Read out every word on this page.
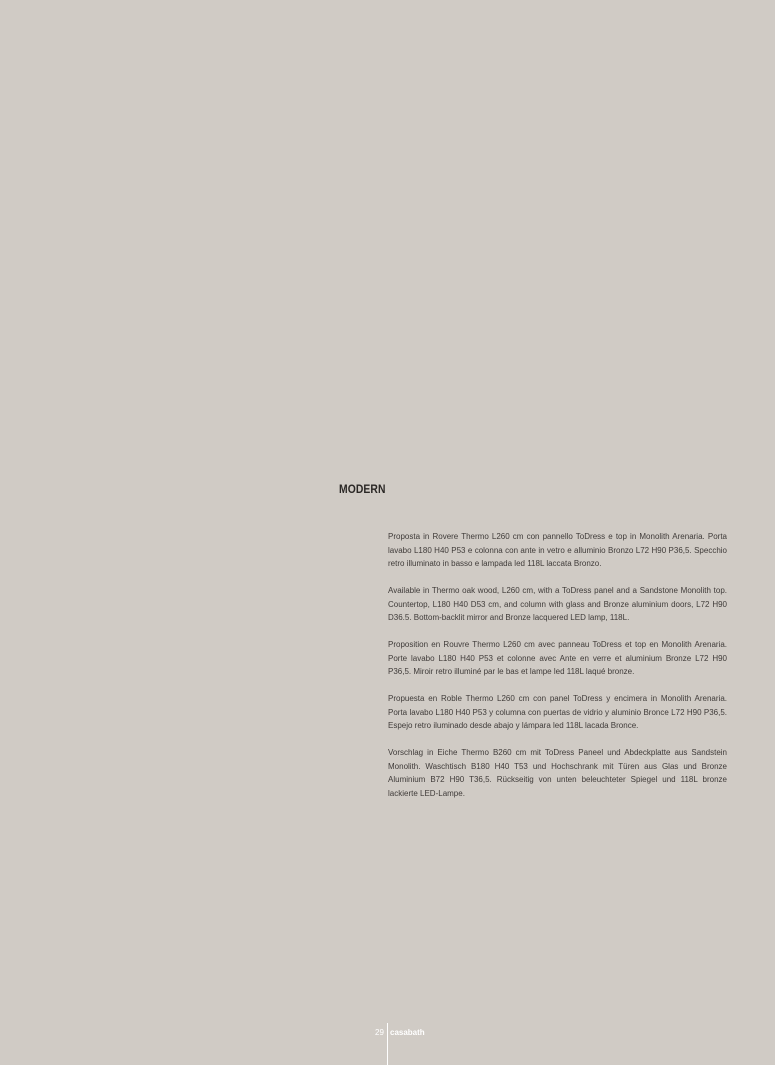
MODERN

Proposta in Rovere Thermo L260 cm con pannello ToDress e top in Monolith Arenaria. Porta lavabo L180 H40 P53 e colonna con ante in vetro e alluminio Bronzo L72 H90 P36,5. Specchio retro illuminato in basso e lampada led 118L laccata Bronzo.

Available in Thermo oak wood, L260 cm, with a ToDress panel and a Sandstone Monolith top. Countertop, L180 H40 D53 cm, and column with glass and Bronze aluminium doors, L72 H90 D36.5. Bottom-backlit mirror and Bronze lacquered LED lamp, 118L.

Proposition en Rouvre Thermo L260 cm avec panneau ToDress et top en Monolith Arenaria. Porte lavabo L180 H40 P53 et colonne avec Ante en verre et aluminium Bronze L72 H90 P36,5. Miroir retro illuminé par le bas et lampe led 118L laqué bronze.

Propuesta en Roble Thermo L260 cm con panel ToDress y encimera in Monolith Arenaria. Porta lavabo L180 H40 P53 y columna con puertas de vidrio y aluminio Bronce L72 H90 P36,5. Espejo retro iluminado desde abajo y lámpara led 118L lacada Bronce.

Vorschlag in Eiche Thermo B260 cm mit ToDress Paneel und Abdeckplatte aus Sandstein Monolith. Waschtisch B180 H40 T53 und Hochschrank mit Türen aus Glas und Bronze Aluminium B72 H90 T36,5. Rückseitig von unten beleuchteter Spiegel und 118L bronze lackierte LED-Lampe.

29 casabath
